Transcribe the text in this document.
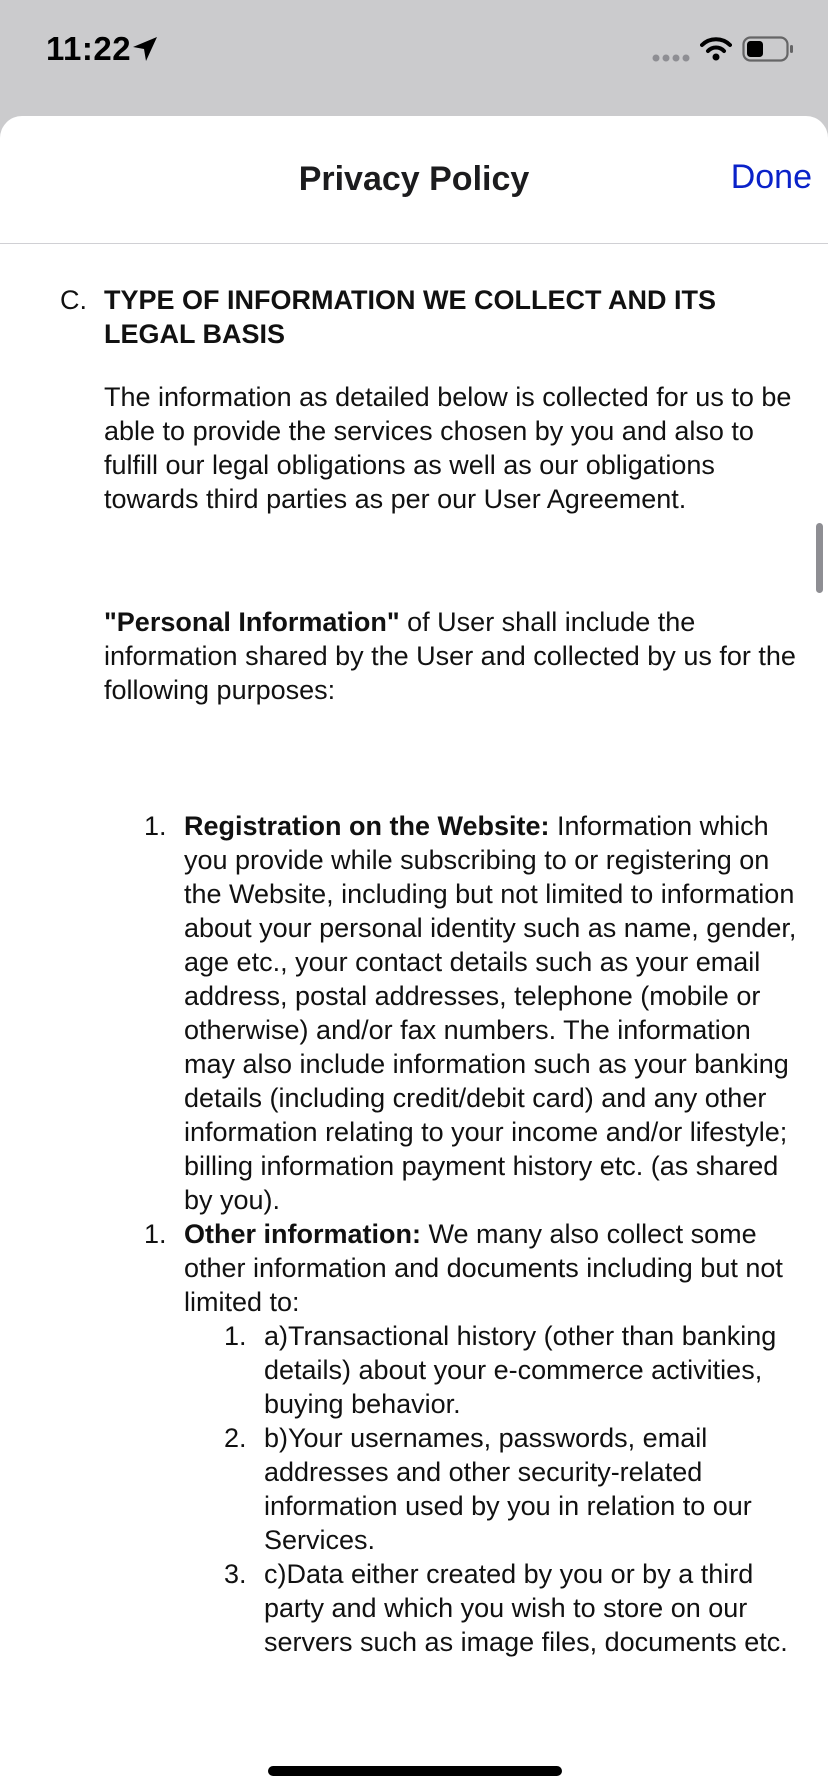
11:22
Privacy Policy	Done
C. TYPE OF INFORMATION WE COLLECT AND ITS LEGAL BASIS

The information as detailed below is collected for us to be able to provide the services chosen by you and also to fulfill our legal obligations as well as our obligations towards third parties as per our User Agreement.

"Personal Information" of User shall include the information shared by the User and collected by us for the following purposes:

1. Registration on the Website: Information which you provide while subscribing to or registering on the Website, including but not limited to information about your personal identity such as name, gender, age etc., your contact details such as your email address, postal addresses, telephone (mobile or otherwise) and/or fax numbers. The information may also include information such as your banking details (including credit/debit card) and any other information relating to your income and/or lifestyle; billing information payment history etc. (as shared by you).
1. Other information: We many also collect some other information and documents including but not limited to:
1. a)Transactional history (other than banking details) about your e-commerce activities, buying behavior.
2. b)Your usernames, passwords, email addresses and other security-related information used by you in relation to our Services.
3. c)Data either created by you or by a third party and which you wish to store on our servers such as image files, documents etc.
